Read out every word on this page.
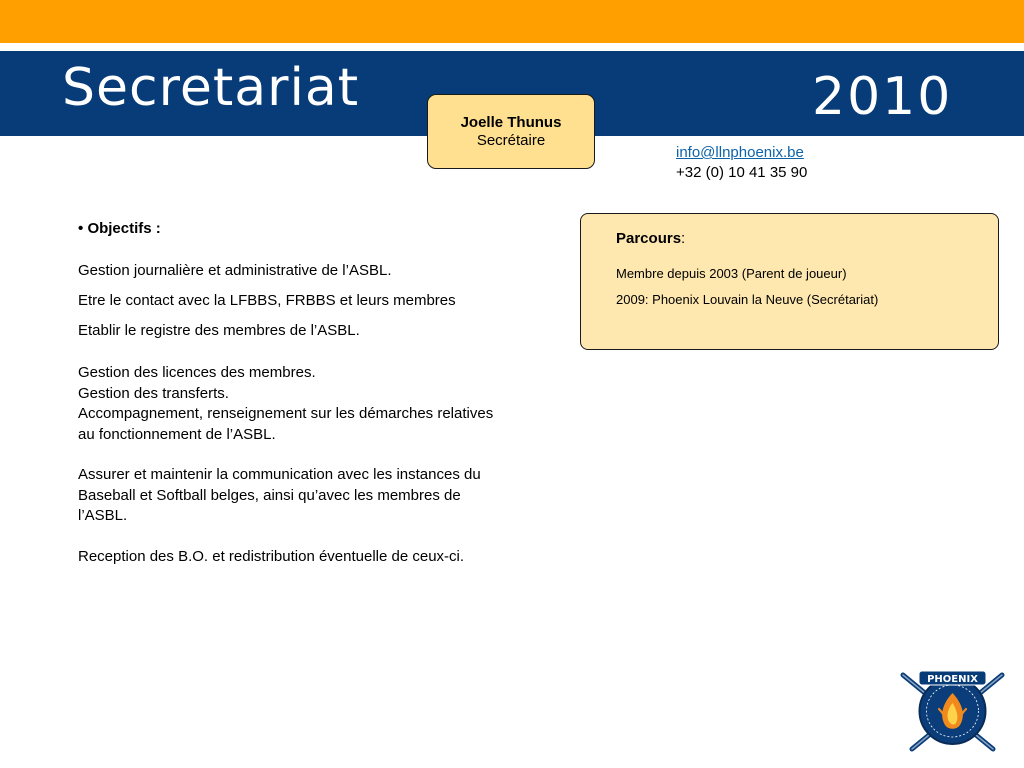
Secretariat	2010
Joelle Thunus
Secrétaire
info@llnphoenix.be
+32 (0) 10 41 35 90
• Objectifs :
Gestion journalière et administrative de l’ASBL.
Etre le contact avec la LFBBS, FRBBS et leurs membres
Etablir le registre des membres de l’ASBL.
Gestion des licences des membres.
Gestion des transferts.
Accompagnement, renseignement sur les démarches relatives
au fonctionnement de l’ASBL.
Assurer et maintenir la communication avec les instances du
Baseball et Softball belges, ainsi qu’avec les membres de
l’ASBL.
Reception des B.O. et redistribution éventuelle de ceux-ci.
Parcours:
Membre depuis 2003 (Parent de joueur)
2009: Phoenix Louvain la Neuve (Secrétariat)
PHOENIX
